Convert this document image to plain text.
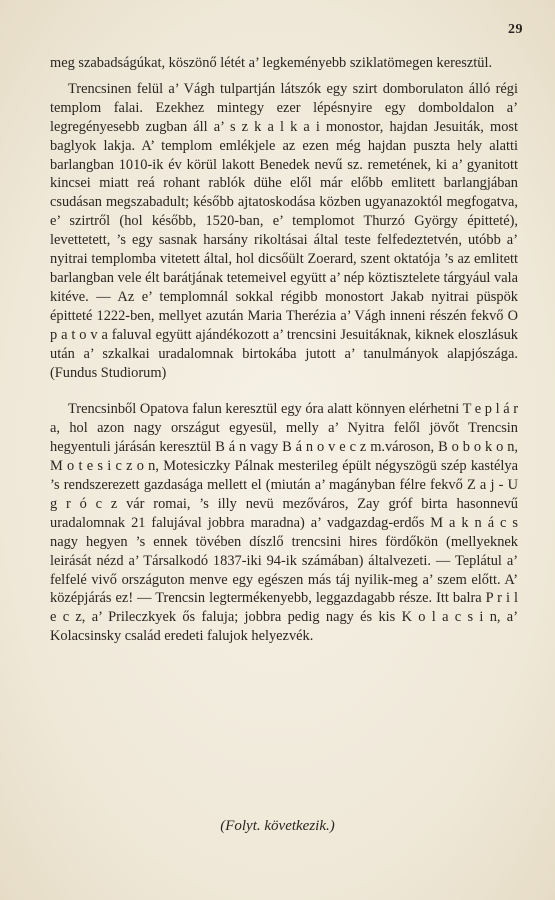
29

meg szabadságúkat, köszönő létét a’ legkeményebb sziklatömegen keresztül.

Trencsinen felül a’ Vágh tulpartján látszók egy szirt domborulaton álló régi templom falai. Ezekhez mintegy ezer lépésnyire egy domboldalon a’ legregényesebb zugban áll a’ s z k a l k a i monostor, hajdan Jesuiták, most baglyok lakja. A’ templom emlékjele az ezen még hajdan puszta hely alatti barlangban 1010-ik év körül lakott Benedek nevű sz. remetének, ki a’ gyanitott kincsei miatt reá rohant rablók dühe elől már előbb emlitett barlangjában csudásan megszabadult; később ajtatoskodása közben ugyanazoktól megfogatva, e’ szirtről (hol később, 1520-ban, e’ templomot Thurzó György épitteté), levettetett, ’s egy sasnak harsány rikoltásai által teste felfedeztetvén, utóbb a’ nyitrai templomba vitetett által, hol dicsőült Zoerard, szent oktatója ’s az emlitett barlangban vele élt barátjának tetemeivel együtt a’ nép köztisztelete tárgyául vala kitéve. — Az e’ templomnál sokkal régibb monostort Jakab nyitrai püspök épitteté 1222-ben, mellyet azután Maria Therézia a’ Vágh inneni részén fekvő O p a t o v a faluval együtt ajándékozott a’ trencsini Jesuitáknak, kiknek eloszlásuk után a’ szkalkai uradalomnak birtokába jutott a’ tanulmányok alapjószága. (Fundus Studiorum)

Trencsinből Opatova falun keresztül egy óra alatt könnyen elérhetni T e p l á r a, hol azon nagy országut egyesül, melly a’ Nyitra felől jövőt Trencsin hegyentuli járásán keresztül B á n vagy B á n o v e c z m.városon, B o b o k o n, M o t e s i c z o n, Motesiczky Pálnak mesterileg épült négyszögü szép kastélya ’s rendszerezett gazdasága mellett el (miután a’ magányban félre fekvő Z a j - U g r ó c z vár romai, ’s illy nevü mezőváros, Zay gróf birta hasonnevű uradalomnak 21 falujával jobbra maradna) a’ vadgazdag-erdős M a k n á c s nagy hegyen ’s ennek tövében díszlő trencsini hires fördőkön (mellyeknek leirását nézd a’ Társalkodó 1837-iki 94-ik számában) általvezeti. — Teplátul a’ felfelé vivő országuton menve egy egészen más táj nyilik-meg a’ szem előtt. A’ középjárás ez! — Trencsin legtermékenyebb, leggazdagabb része. Itt balra P r i l e c z, a’ Prileczkyek ős faluja; jobbra pedig nagy és kis K o l a c s i n, a’ Kolacsinsky család eredeti falujok helyezvék.

(Folyt. következik.)
